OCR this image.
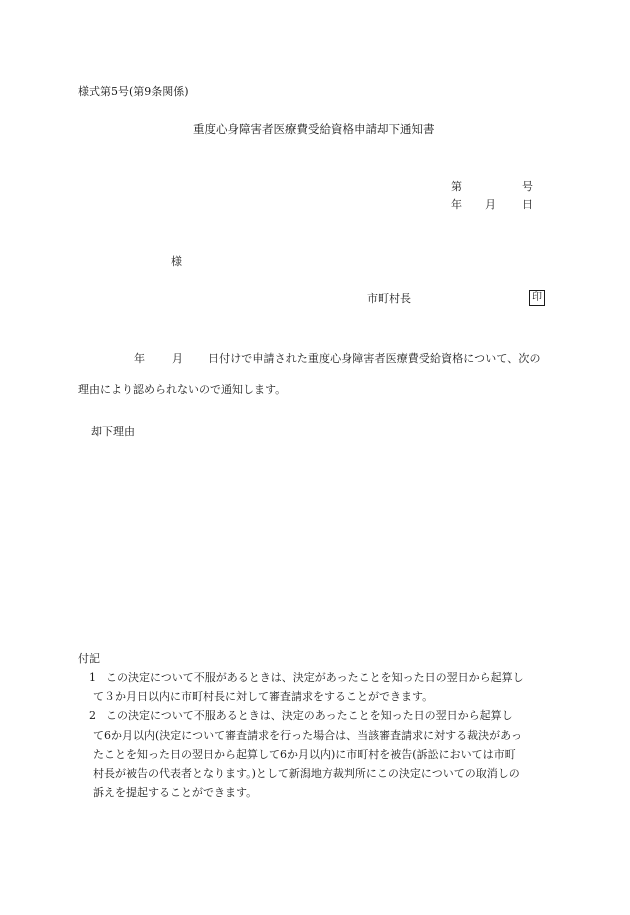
様式第5号(第9条関係)
重度心身障害者医療費受給資格申請却下通知書
第	号
年 月 日
様
市町村長	印
年 月 日付けで申請された重度心身障害者医療費受給資格について、次の
理由により認められないので通知します。
却下理由
付記
1 この決定について不服があるときは、決定があったことを知った日の翌日から起算し
て３か月日以内に市町村長に対して審査請求をすることができます。
2 この決定について不服あるときは、決定のあったことを知った日の翌日から起算し
て6か月以内(決定について審査請求を行った場合は、当該審査請求に対する裁決があっ
たことを知った日の翌日から起算して6か月以内)に市町村を被告(訴訟においては市町
村長が被告の代表者となります。)として新潟地方裁判所にこの決定についての取消しの
訴えを提起することができます。
